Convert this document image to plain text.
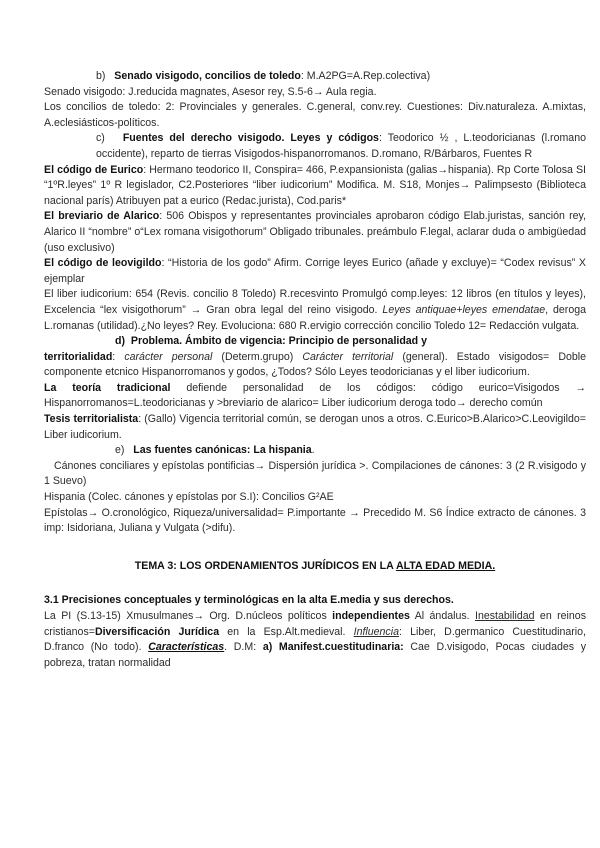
b) Senado visigodo, concilios de toledo: M.A2PG=A.Rep.colectiva)

Senado visigodo: J.reducida magnates, Asesor rey, S.5-6→ Aula regia.

Los concilios de toledo: 2: Provinciales y generales. C.general, conv.rey. Cuestiones: Div.naturaleza. A.mixtas, A.eclesiásticos-políticos.

c) Fuentes del derecho visigodo. Leyes y códigos: Teodorico ½ , L.teodoricianas (l.romano occidente), reparto de tierras Visigodos-hispanorromanos. D.romano, R/Bárbaros, Fuentes R

El código de Eurico: Hermano teodorico II, Conspira= 466, P.expansionista (galias→hispania). Rp Corte Tolosa SI “1ºR.leyes” 1º R legislador, C2.Posteriores “liber iudicorium” Modifica. M. S18, Monjes→ Palimpsesto (Biblioteca nacional parís) Atribuyen pat a eurico (Redac.jurista), Cod.paris*

El breviario de Alarico: 506 Obispos y representantes provinciales aprobaron código Elab.juristas, sanción rey, Alarico II “nombre” o“Lex romana visigothorum” Obligado tribunales. preámbulo F.legal, aclarar duda o ambigüedad (uso exclusivo)

El código de leovigildo: “Historia de los godo” Afirm. Corrige leyes Eurico (añade y excluye)= “Codex revisus” X ejemplar

El liber iudicorium: 654 (Revis. concilio 8 Toledo) R.recesvinto Promulgó comp.leyes: 12 libros (en títulos y leyes), Excelencia “lex visigothorum” → Gran obra legal del reino visigodo. Leyes antiquae+leyes emendatae, deroga L.romanas (utilidad).¿No leyes? Rey. Evoluciona: 680 R.ervigio corrección concilio Toledo 12= Redacción vulgata.

d) Problema. Ámbito de vigencia: Principio de personalidad y

territorialidad: carácter personal (Determ.grupo) Carácter territorial (general). Estado visigodos= Doble componente etcnico Hispanorromanos y godos, ¿Todos? Sólo Leyes teodoricianas y el liber iudicorium.

La teoría tradicional defiende personalidad de los códigos: código eurico=Visigodos → Hispanorromanos=L.teodoricianas y >breviario de alarico= Liber iudicorium deroga todo→ derecho común

Tesis territorialista: (Gallo) Vigencia territorial común, se derogan unos a otros. C.Eurico>B.Alarico>C.Leovigildo= Liber iudicorium.

e) Las fuentes canónicas: La hispania.

Cánones conciliares y epístolas pontificias→ Dispersión jurídica >. Compilaciones de cánones: 3 (2 R.visigodo y 1 Suevo)

Hispania (Colec. cánones y epístolas por S.I): Concilios G²AE

Epístolas→ O.cronológico, Riqueza/universalidad= P.importante → Precedido M. S6 Índice extracto de cánones. 3 imp: Isidoriana, Juliana y Vulgata (>difu).

TEMA 3: LOS ORDENAMIENTOS JURÍDICOS EN LA ALTA EDAD MEDIA.

3.1 Precisiones conceptuales y terminológicas en la alta E.media y sus derechos.

La PI (S.13-15) Xmusulmanes→ Org. D.núcleos políticos independientes Al ándalus. Inestabilidad en reinos cristianos=Diversificación Jurídica en la Esp.Alt.medieval. Influencia: Liber, D.germanico Cuestitudinario, D.franco (No todo). Características. D.M: a) Manifest.cuestitudinaria: Cae D.visigodo, Pocas ciudades y pobreza, tratan normalidad
